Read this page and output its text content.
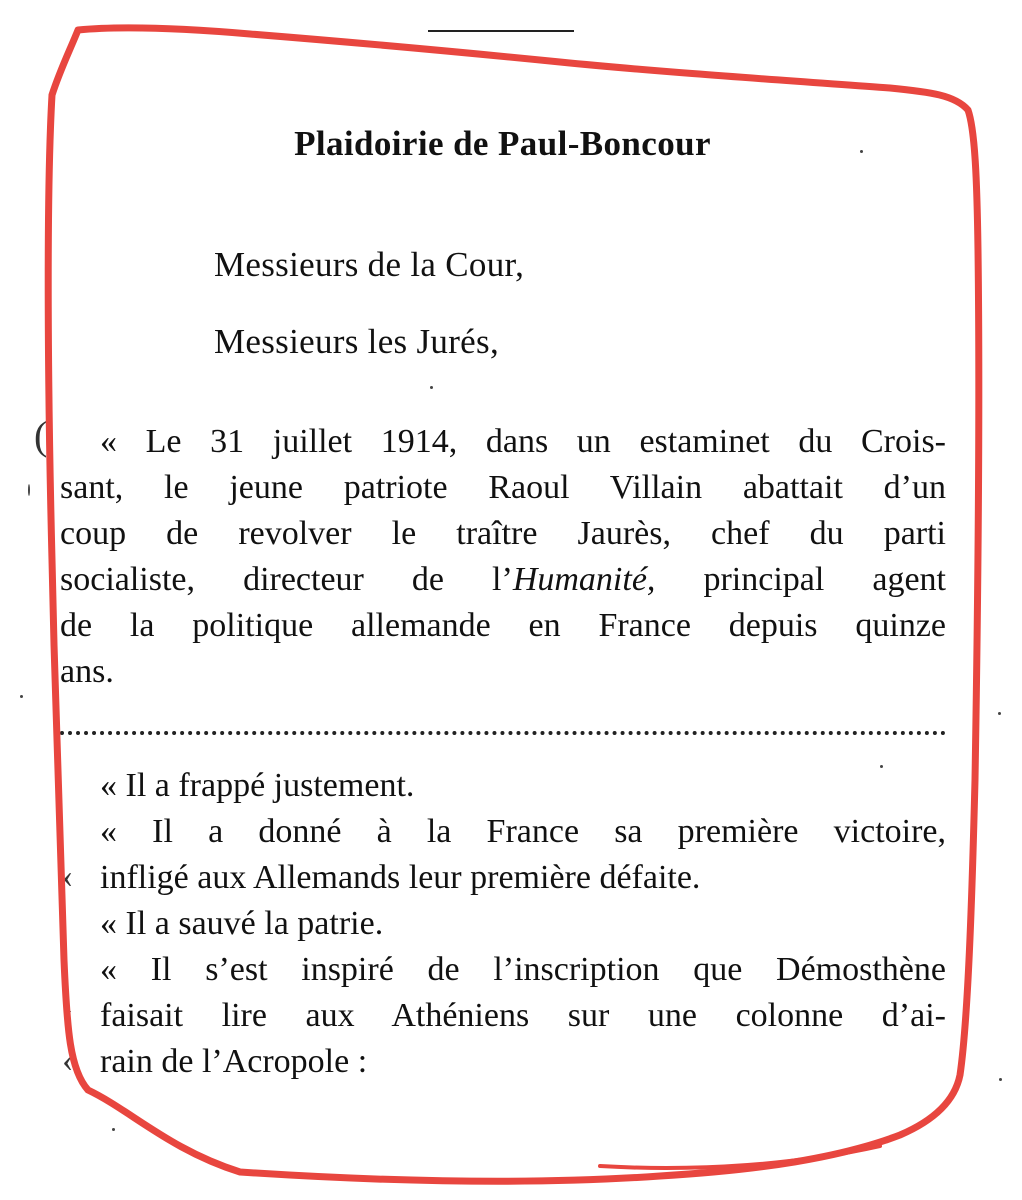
Plaidoirie de Paul-Boncour
Messieurs de la Cour,
Messieurs les Jurés,
« Le 31 juillet 1914, dans un estaminet du Crois-
sant, le jeune patriote Raoul Villain abattait d’un
coup de revolver le traître Jaurès, chef du parti
socialiste, directeur de l’Humanité, principal agent
de la politique allemande en France depuis quinze
ans.
« Il a frappé justement.
« Il a donné à la France sa première victoire,
infligé aux Allemands leur première défaite.
« Il a sauvé la patrie.
« Il s’est inspiré de l’inscription que Démosthène
faisait lire aux Athéniens sur une colonne d’ai-
rain de l’Acropole :
(
‹
‹
‹
